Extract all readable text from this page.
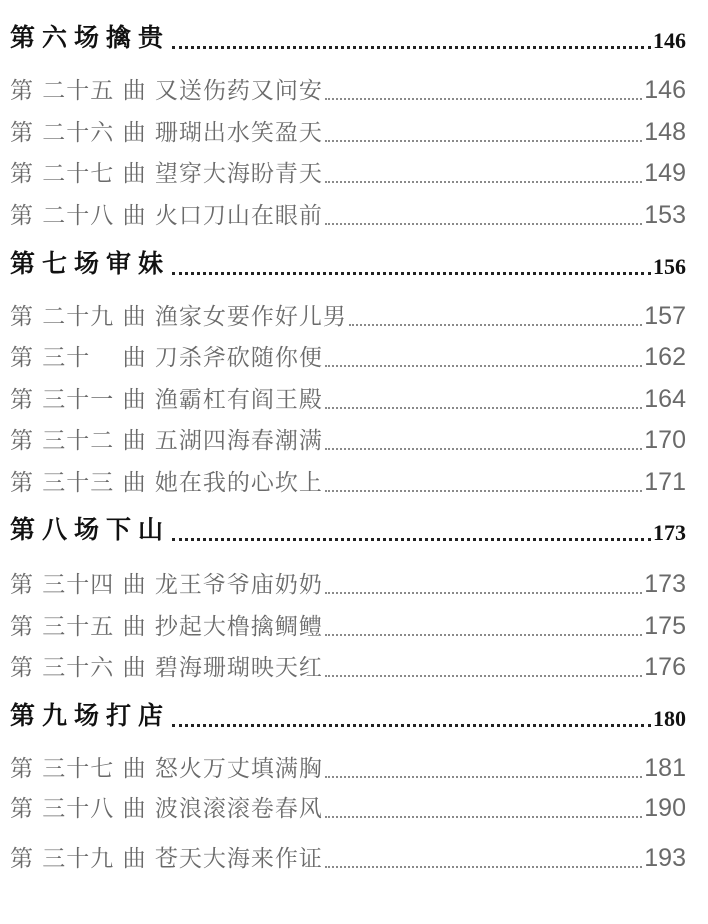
第六场擒贵	146
第 二十五 曲 又送伤药又问安	146
第 二十六 曲 珊瑚出水笑盈天	148
第 二十七 曲 望穿大海盼青天	149
第 二十八 曲 火口刀山在眼前	153
第七场审妹	156
第 二十九 曲 渔家女要作好儿男	157
第 三十　 曲 刀杀斧砍随你便	162
第 三十一 曲 渔霸杠有阎王殿	164
第 三十二 曲 五湖四海春潮满	170
第 三十三 曲 她在我的心坎上	171
第八场下山	173
第 三十四 曲 龙王爷爷庙奶奶	173
第 三十五 曲 抄起大橹擒鲷鳢	175
第 三十六 曲 碧海珊瑚映天红	176
第九场打店	180
第 三十七 曲 怒火万丈填满胸	181
第 三十八 曲 波浪滚滚卷春风	190
第 三十九 曲 苍天大海来作证	193
